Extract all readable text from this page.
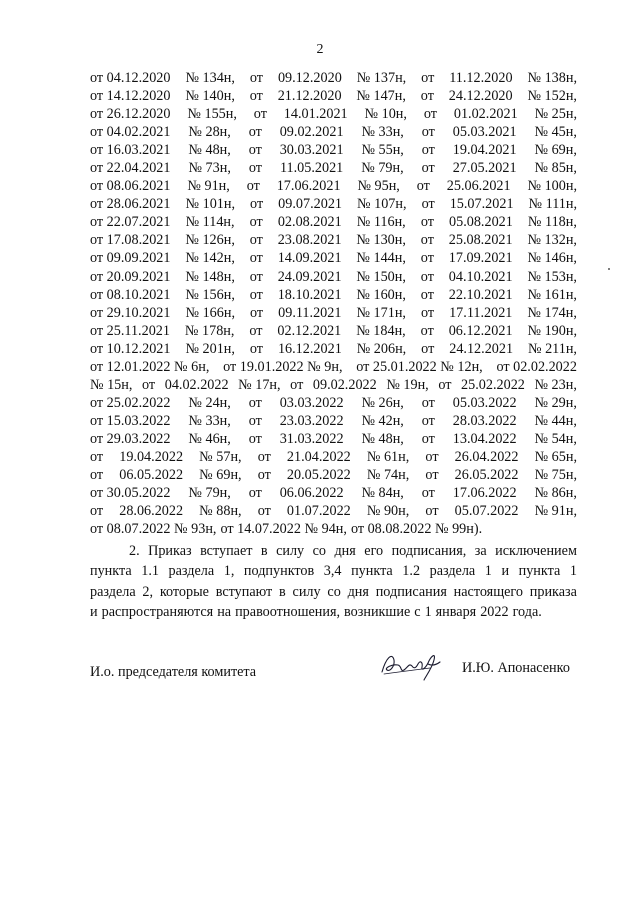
2
от 04.12.2020 № 134н, от 09.12.2020 № 137н, от 11.12.2020 № 138н,
от 14.12.2020 № 140н, от 21.12.2020 № 147н, от 24.12.2020 № 152н,
от 26.12.2020 № 155н, от 14.01.2021 № 10н, от 01.02.2021 № 25н,
от 04.02.2021 № 28н, от 09.02.2021 № 33н, от 05.03.2021 № 45н,
от 16.03.2021 № 48н, от 30.03.2021 № 55н, от 19.04.2021 № 69н,
от 22.04.2021 № 73н, от 11.05.2021 № 79н, от 27.05.2021 № 85н,
от 08.06.2021 № 91н, от 17.06.2021 № 95н, от 25.06.2021 № 100н,
от 28.06.2021 № 101н, от 09.07.2021 № 107н, от 15.07.2021 № 111н,
от 22.07.2021 № 114н, от 02.08.2021 № 116н, от 05.08.2021 № 118н,
от 17.08.2021 № 126н, от 23.08.2021 № 130н, от 25.08.2021 № 132н,
от 09.09.2021 № 142н, от 14.09.2021 № 144н, от 17.09.2021 № 146н,
от 20.09.2021 № 148н, от 24.09.2021 № 150н, от 04.10.2021 № 153н,
от 08.10.2021 № 156н, от 18.10.2021 № 160н, от 22.10.2021 № 161н,
от 29.10.2021 № 166н, от 09.11.2021 № 171н, от 17.11.2021 № 174н,
от 25.11.2021 № 178н, от 02.12.2021 № 184н, от 06.12.2021 № 190н,
от 10.12.2021 № 201н, от 16.12.2021 № 206н, от 24.12.2021 № 211н,
от 12.01.2022 № 6н, от 19.01.2022 № 9н, от 25.01.2022 № 12н, от 02.02.2022
№ 15н, от 04.02.2022 № 17н, от 09.02.2022 № 19н, от 25.02.2022 № 23н,
от 25.02.2022 № 24н, от 03.03.2022 № 26н, от 05.03.2022 № 29н,
от 15.03.2022 № 33н, от 23.03.2022 № 42н, от 28.03.2022 № 44н,
от 29.03.2022 № 46н, от 31.03.2022 № 48н, от 13.04.2022 № 54н,
от 19.04.2022 № 57н, от 21.04.2022 № 61н, от 26.04.2022 № 65н,
от 06.05.2022 № 69н, от 20.05.2022 № 74н, от 26.05.2022 № 75н,
от 30.05.2022 № 79н, от 06.06.2022 № 84н, от 17.06.2022 № 86н,
от 28.06.2022 № 88н, от 01.07.2022 № 90н, от 05.07.2022 № 91н,
от 08.07.2022 № 93н, от 14.07.2022 № 94н, от 08.08.2022 № 99н).
2. Приказ вступает в силу со дня его подписания, за исключением
пункта 1.1 раздела 1, подпунктов 3,4 пункта 1.2 раздела 1 и пункта 1
раздела 2, которые вступают в силу со дня подписания настоящего приказа
и распространяются на правоотношения, возникшие с 1 января 2022 года.
И.о. председателя комитета	И.Ю. Апонасенко
